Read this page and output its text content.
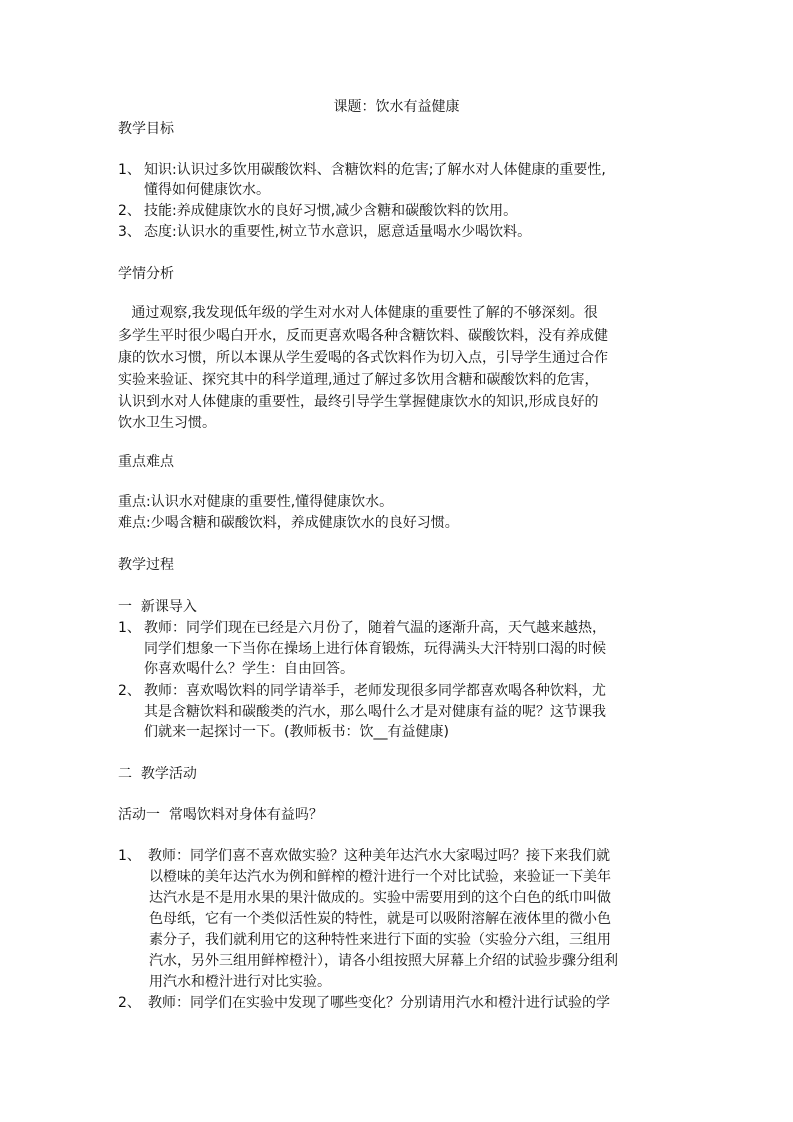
课题：饮水有益健康
教学目标
1、 知识:认识过多饮用碳酸饮料、含糖饮料的危害;了解水对人体健康的重要性,
懂得如何健康饮水。
2、 技能:养成健康饮水的良好习惯,减少含糖和碳酸饮料的饮用。
3、 态度:认识水的重要性,树立节水意识，愿意适量喝水少喝饮料。
学情分析
通过观察,我发现低年级的学生对水对人体健康的重要性了解的不够深刻。很
多学生平时很少喝白开水，反而更喜欢喝各种含糖饮料、碳酸饮料，没有养成健
康的饮水习惯，所以本课从学生爱喝的各式饮料作为切入点，引导学生通过合作
实验来验证、探究其中的科学道理,通过了解过多饮用含糖和碳酸饮料的危害，
认识到水对人体健康的重要性，最终引导学生掌握健康饮水的知识,形成良好的
饮水卫生习惯。
重点难点
重点:认识水对健康的重要性,懂得健康饮水。
难点:少喝含糖和碳酸饮料，养成健康饮水的良好习惯。
教学过程
一  新课导入
1、 教师：同学们现在已经是六月份了，随着气温的逐渐升高，天气越来越热，
同学们想象一下当你在操场上进行体育锻炼，玩得满头大汗特别口渴的时候
你喜欢喝什么？学生：自由回答。
2、 教师：喜欢喝饮料的同学请举手，老师发现很多同学都喜欢喝各种饮料，尤
其是含糖饮料和碳酸类的汽水，那么喝什么才是对健康有益的呢？这节课我
们就来一起探讨一下。(教师板书：饮__有益健康)
二  教学活动
活动一  常喝饮料对身体有益吗？
1、 教师：同学们喜不喜欢做实验？这种美年达汽水大家喝过吗？接下来我们就
以橙味的美年达汽水为例和鲜榨的橙汁进行一个对比试验，来验证一下美年
达汽水是不是用水果的果汁做成的。实验中需要用到的这个白色的纸巾叫做
色母纸，它有一个类似活性炭的特性，就是可以吸附溶解在液体里的微小色
素分子，我们就利用它的这种特性来进行下面的实验（实验分六组，三组用
汽水，另外三组用鲜榨橙汁），请各小组按照大屏幕上介绍的试验步骤分组利
用汽水和橙汁进行对比实验。
2、 教师：同学们在实验中发现了哪些变化？分别请用汽水和橙汁进行试验的学
